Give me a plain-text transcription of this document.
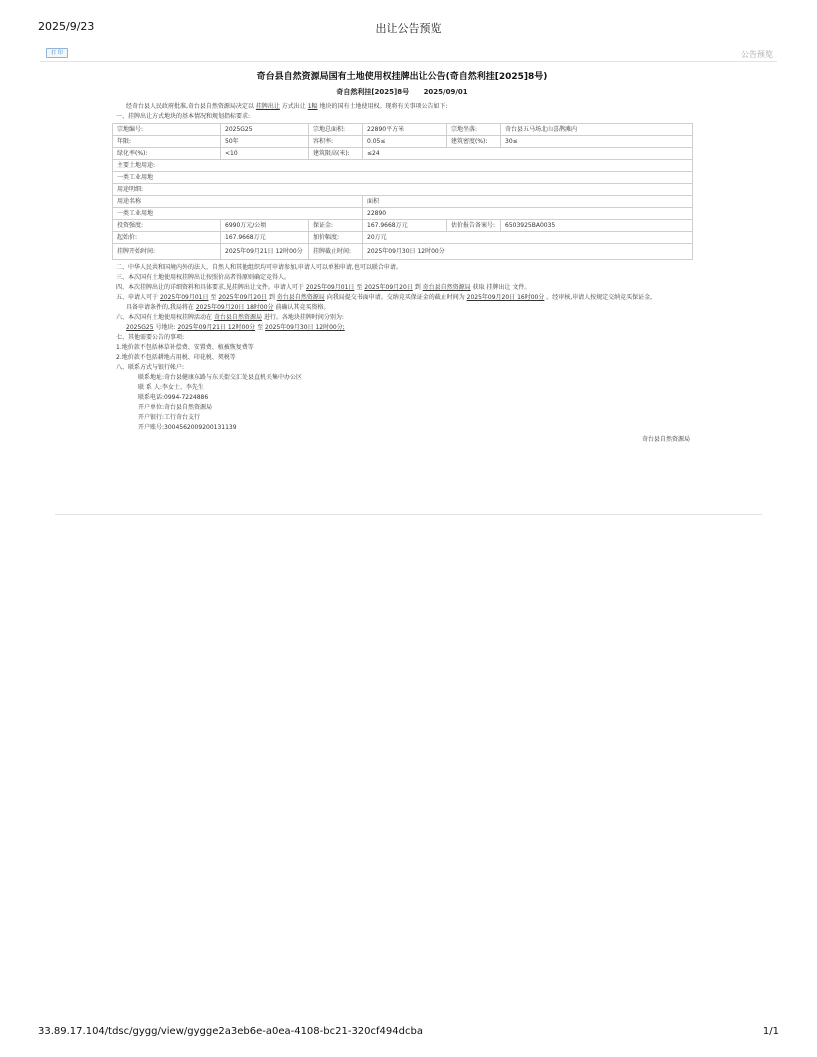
2025/9/23	出让公告预览
打 印	公告预览
奇台县自然资源局国有土地使用权挂牌出让公告(奇自然利挂[2025]8号)
奇自然利挂[2025]8号 2025/09/01
经奇台县人民政府批准,奇台县自然资源局决定以 挂牌出让 方式出让 1幅 地块的国有土地使用权。现将有关事项公告如下:
一、挂牌出让方式地块的基本情况和规划指标要求:
宗地编号:	2025G25	宗地总面积:	22890平方米	宗地坐落:	奇台县五马场北山喜鹊滩内
年限:	50年	容积率:	0.05≤	建筑密度(%):	30≤
绿化率(%):	<10	建筑限高(米):	≤24		
主要土地用途:					
一类工业用地					
用途明细:					
用途名称			面积		
一类工业用地			22890		
投资强度:	6990万元/公顷	保证金:	167.9668万元	估价报告备案号:	6503925BA0035
起始价:	167.9668万元	加价幅度:	20万元		
挂牌开始时间:	2025年09月21日 12时00分	挂牌截止时间:	2025年09月30日 12时00分		
二、中华人民共和国境内外的法人、自然人和其他组织均可申请参加,申请人可以单独申请,也可以联合申请。
三、本次国有土地使用权挂牌出让按照价高者得原则确定竞得人。
四、本次挂牌出让的详细资料和具体要求,见挂牌出让文件。申请人可于 2025年09月01日 至 2025年09月20日 到 奇台县自然资源局 获取 挂牌出让 文件。
五、申请人可于 2025年09月01日 至 2025年09月20日 到 奇台县自然资源局 向我局提交书面申请。交纳竞买保证金的截止时间为 2025年09月20日 16时00分 。经审核,申请人按规定交纳竞买保证金,
具备申请条件的,我局将在 2025年09月20日 18时00分 前确认其竞买资格。
六、本次国有土地使用权挂牌活动在 奇台县自然资源局 进行。各地块挂牌时间分别为:
2025G25 号地块: 2025年09月21日 12时00分 至 2025年09月30日 12时00分;
七、其他需要公告的事项:
1.地价款不包括林草补偿费、安置费、植被恢复费等
2.地价款不包括耕地占用税、印花税、契税等
八、联系方式与银行帐户:
联系地址:奇台县健康东路与东关街交汇处县直机关集中办公区
联 系 人:李女士、李先生
联系电话:0994-7224886
开户单位:奇台县自然资源局
开户银行:工行奇台支行
开户账号:3004562009200131139
奇台县自然资源局
33.89.17.104/tdsc/gygg/view/gygge2a3eb6e-a0ea-4108-bc21-320cf494dcba	1/1
